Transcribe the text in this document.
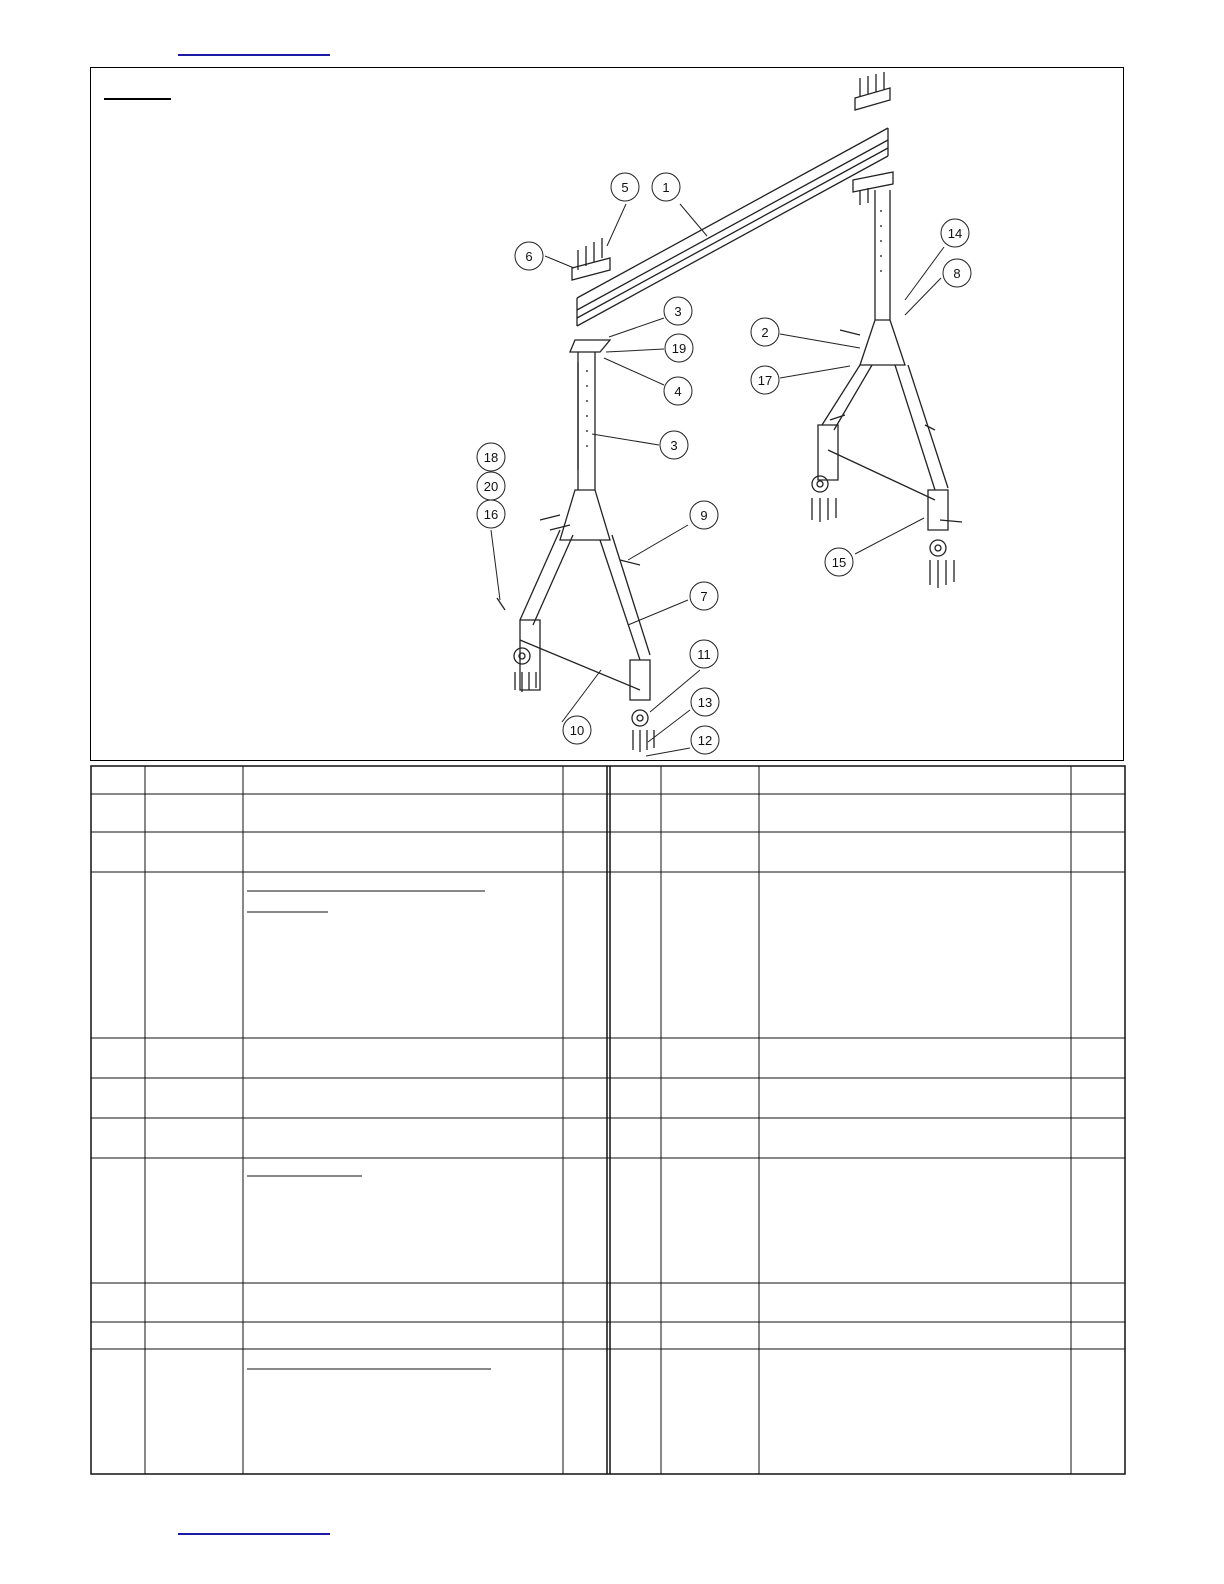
1
5
6
3
19
4
3
9
7
10
11
13
12
14
8
2
17
15
18
20
16
